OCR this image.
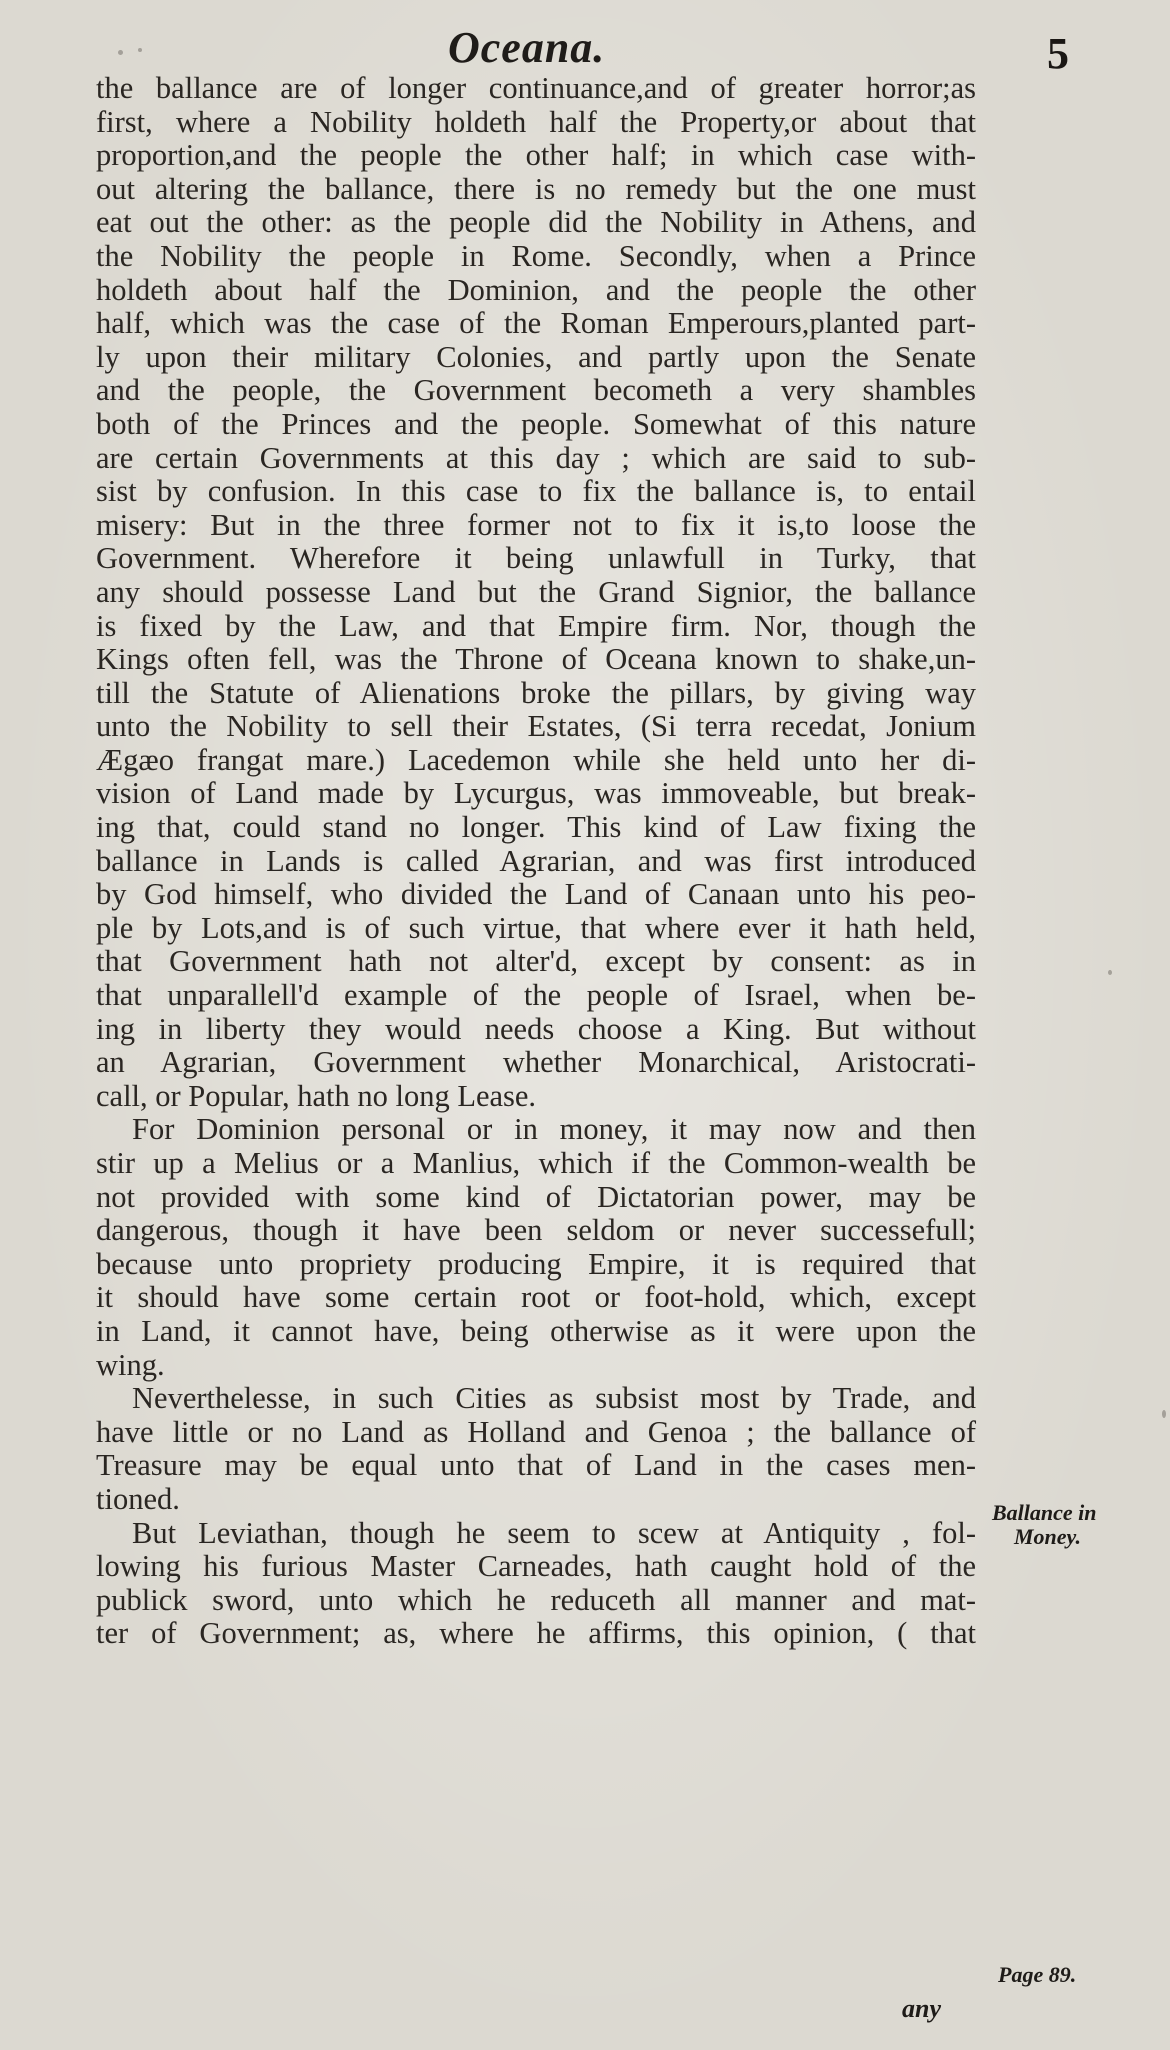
Oceana.	5
the ballance are of longer continuance,and of greater horror;as
first, where a Nobility holdeth half the Property,or about that
proportion,and the people the other half; in which case with-
out altering the ballance, there is no remedy but the one must
eat out the other: as the people did the Nobility in Athens, and
the Nobility the people in Rome. Secondly, when a Prince
holdeth about half the Dominion, and the people the other
half, which was the case of the Roman Emperours,planted part-
ly upon their military Colonies, and partly upon the Senate
and the people, the Government becometh a very shambles
both of the Princes and the people. Somewhat of this nature
are certain Governments at this day ; which are said to sub-
sist by confusion. In this case to fix the ballance is, to entail
misery: But in the three former not to fix it is,to loose the
Government. Wherefore it being unlawfull in Turky, that
any should possesse Land but the Grand Signior, the ballance
is fixed by the Law, and that Empire firm. Nor, though the
Kings often fell, was the Throne of Oceana known to shake,un-
till the Statute of Alienations broke the pillars, by giving way
unto the Nobility to sell their Estates, (Si terra recedat, Jonium
Ægæo frangat mare.) Lacedemon while she held unto her di-
vision of Land made by Lycurgus, was immoveable, but break-
ing that, could stand no longer. This kind of Law fixing the
ballance in Lands is called Agrarian, and was first introduced
by God himself, who divided the Land of Canaan unto his peo-
ple by Lots,and is of such virtue, that where ever it hath held,
that Government hath not alter'd, except by consent: as in
that unparallell'd example of the people of Israel, when be-
ing in liberty they would needs choose a King. But without
an Agrarian, Government whether Monarchical, Aristocrati-
call, or Popular, hath no long Lease.
For Dominion personal or in money, it may now and then
stir up a Melius or a Manlius, which if the Common-wealth be
not provided with some kind of Dictatorian power, may be
dangerous, though it have been seldom or never successefull;
because unto propriety producing Empire, it is required that
it should have some certain root or foot-hold, which, except
in Land, it cannot have, being otherwise as it were upon the
wing.
Neverthelesse, in such Cities as subsist most by Trade, and
have little or no Land as Holland and Genoa ; the ballance of
Treasure may be equal unto that of Land in the cases men-
tioned.
But Leviathan, though he seem to scew at Antiquity , fol-
lowing his furious Master Carneades, hath caught hold of the
publick sword, unto which he reduceth all manner and mat-
ter of Government; as, where he affirms, this opinion, ( that
Ballance in
Money.
Page 89.
any
